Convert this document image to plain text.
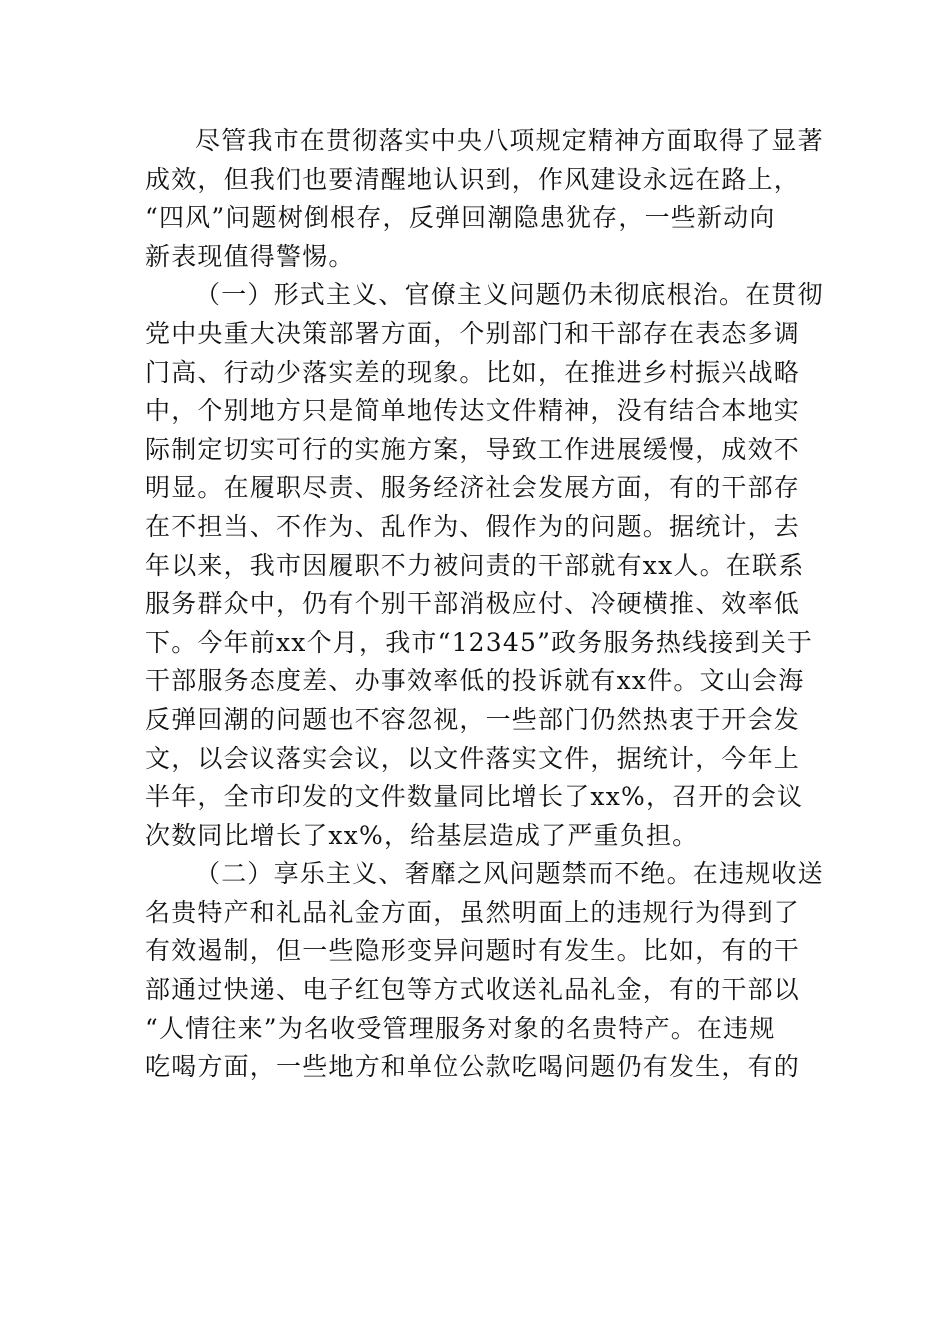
尽管我市在贯彻落实中央八项规定精神方面取得了显著
成效，但我们也要清醒地认识到，作风建设永远在路上，
“四风”问题树倒根存，反弹回潮隐患犹存，一些新动向
新表现值得警惕。
（一）形式主义、官僚主义问题仍未彻底根治。在贯彻
党中央重大决策部署方面，个别部门和干部存在表态多调
门高、行动少落实差的现象。比如，在推进乡村振兴战略
中，个别地方只是简单地传达文件精神，没有结合本地实
际制定切实可行的实施方案，导致工作进展缓慢，成效不
明显。在履职尽责、服务经济社会发展方面，有的干部存
在不担当、不作为、乱作为、假作为的问题。据统计，去
年以来，我市因履职不力被问责的干部就有xx人。在联系
服务群众中，仍有个别干部消极应付、冷硬横推、效率低
下。今年前xx个月，我市“12345”政务服务热线接到关于
干部服务态度差、办事效率低的投诉就有xx件。文山会海
反弹回潮的问题也不容忽视，一些部门仍然热衷于开会发
文，以会议落实会议，以文件落实文件，据统计，今年上
半年，全市印发的文件数量同比增长了xx%，召开的会议
次数同比增长了xx%，给基层造成了严重负担。
（二）享乐主义、奢靡之风问题禁而不绝。在违规收送
名贵特产和礼品礼金方面，虽然明面上的违规行为得到了
有效遏制，但一些隐形变异问题时有发生。比如，有的干
部通过快递、电子红包等方式收送礼品礼金，有的干部以
“人情往来”为名收受管理服务对象的名贵特产。在违规
吃喝方面，一些地方和单位公款吃喝问题仍有发生，有的
